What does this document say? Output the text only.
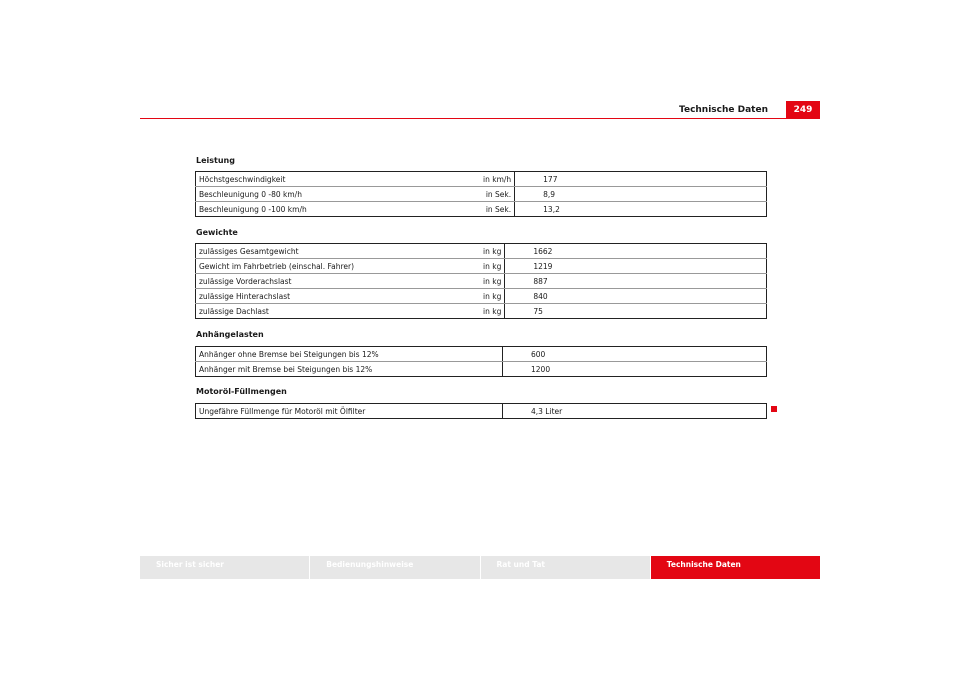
Technische Daten	249
Leistung
Höchstgeschwindigkeit	in km/h	177
Beschleunigung 0 -80 km/h	in Sek.	8,9
Beschleunigung 0 -100 km/h	in Sek.	13,2
Gewichte
zulässiges Gesamtgewicht	in kg	1662
Gewicht im Fahrbetrieb (einschal. Fahrer)	in kg	1219
zulässige Vorderachslast	in kg	887
zulässige Hinterachslast	in kg	840
zulässige Dachlast	in kg	75
Anhängelasten
Anhänger ohne Bremse bei Steigungen bis 12%	600
Anhänger mit Bremse bei Steigungen bis 12%	1200
Motoröl-Füllmengen
Ungefähre Füllmenge für Motoröl mit Ölfilter	4,3 Liter
Sicher ist sicher	Bedienungshinweise	Rat und Tat	Technische Daten
